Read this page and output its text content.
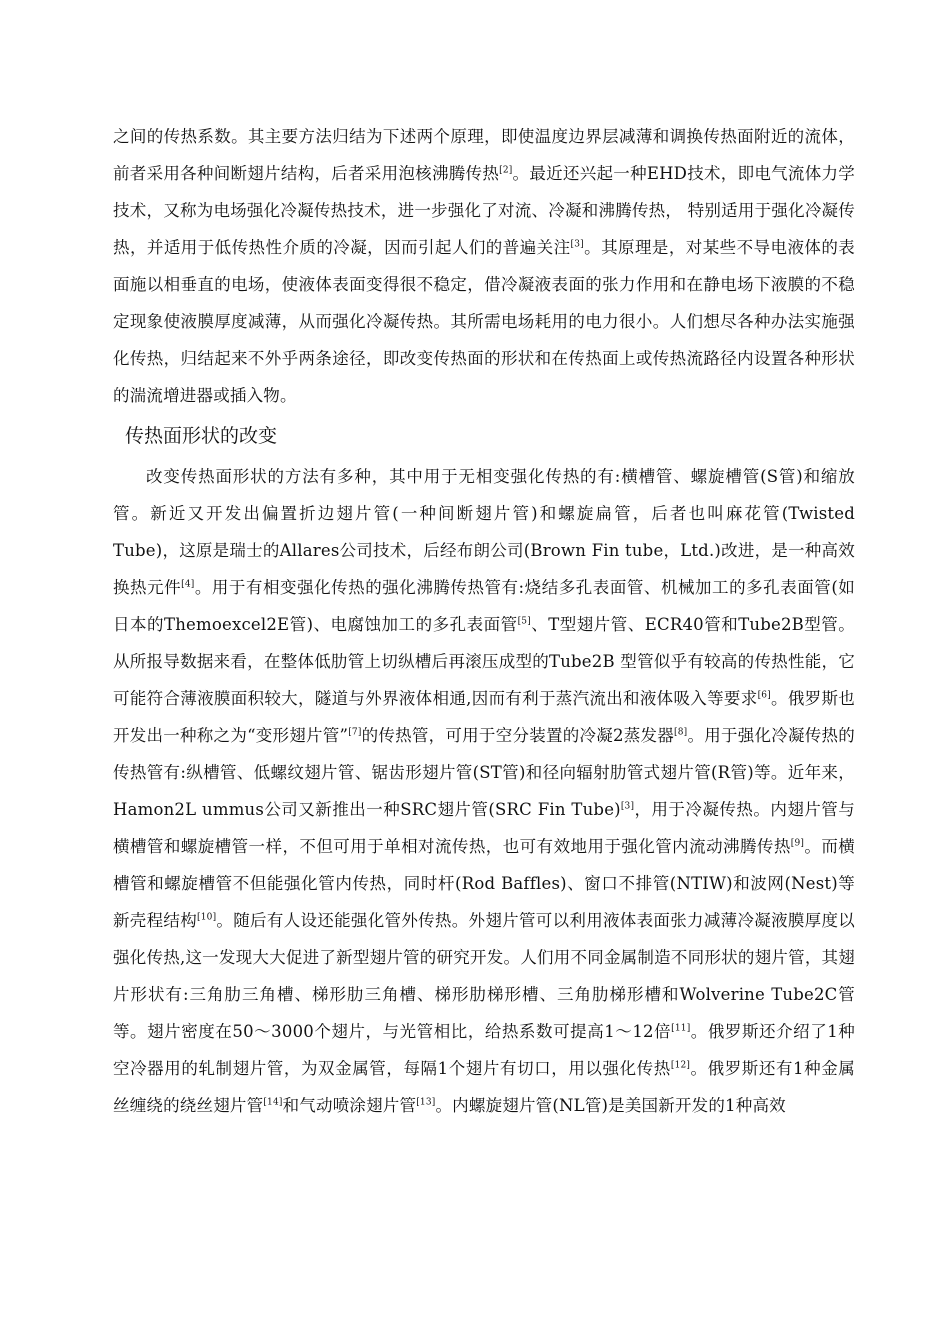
之间的传热系数。其主要方法归结为下述两个原理，即使温度边界层减薄和调换传热面附近的流体，前者采用各种间断翅片结构，后者采用泡核沸腾传热[2]。最近还兴起一种EHD技术，即电气流体力学技术，又称为电场强化冷凝传热技术，进一步强化了对流、冷凝和沸腾传热， 特别适用于强化冷凝传热，并适用于低传热性介质的冷凝，因而引起人们的普遍关注[3]。其原理是，对某些不导电液体的表面施以相垂直的电场，使液体表面变得很不稳定，借冷凝液表面的张力作用和在静电场下液膜的不稳定现象使液膜厚度减薄，从而强化冷凝传热。其所需电场耗用的电力很小。人们想尽各种办法实施强化传热，归结起来不外乎两条途径，即改变传热面的形状和在传热面上或传热流路径内设置各种形状的湍流增进器或插入物。

传热面形状的改变

改变传热面形状的方法有多种，其中用于无相变强化传热的有:横槽管、螺旋槽管(S管)和缩放管。新近又开发出偏置折边翅片管(一种间断翅片管)和螺旋扁管，后者也叫麻花管(Twisted Tube)，这原是瑞士的Allares公司技术，后经布朗公司(Brown Fin tube，Ltd.)改进，是一种高效换热元件[4]。用于有相变强化传热的强化沸腾传热管有:烧结多孔表面管、机械加工的多孔表面管(如日本的Themoexcel2E管)、电腐蚀加工的多孔表面管[5]、T型翅片管、ECR40管和Tube2B型管。从所报导数据来看，在整体低肋管上切纵槽后再滚压成型的Tube2B 型管似乎有较高的传热性能，它可能符合薄液膜面积较大，隧道与外界液体相通,因而有利于蒸汽流出和液体吸入等要求[6]。俄罗斯也开发出一种称之为“变形翅片管”[7]的传热管，可用于空分装置的冷凝2蒸发器[8]。用于强化冷凝传热的传热管有:纵槽管、低螺纹翅片管、锯齿形翅片管(ST管)和径向辐射肋管式翅片管(R管)等。近年来，Hamon2L ummus公司又新推出一种SRC翅片管(SRC Fin Tube)[3]，用于冷凝传热。内翅片管与横槽管和螺旋槽管一样，不但可用于单相对流传热，也可有效地用于强化管内流动沸腾传热[9]。而横槽管和螺旋槽管不但能强化管内传热，同时杆(Rod Baffles)、窗口不排管(NTIW)和波网(Nest)等新壳程结构[10]。随后有人设还能强化管外传热。外翅片管可以利用液体表面张力减薄冷凝液膜厚度以强化传热,这一发现大大促进了新型翅片管的研究开发。人们用不同金属制造不同形状的翅片管，其翅片形状有:三角肋三角槽、梯形肋三角槽、梯形肋梯形槽、三角肋梯形槽和Wolverine Tube2C管等。翅片密度在50～3000个翅片，与光管相比，给热系数可提高1～12倍[11]。俄罗斯还介绍了1种空冷器用的轧制翅片管，为双金属管，每隔1个翅片有切口，用以强化传热[12]。俄罗斯还有1种金属丝缠绕的绕丝翅片管[14]和气动喷涂翅片管[13]。内螺旋翅片管(NL管)是美国新开发的1种高效
